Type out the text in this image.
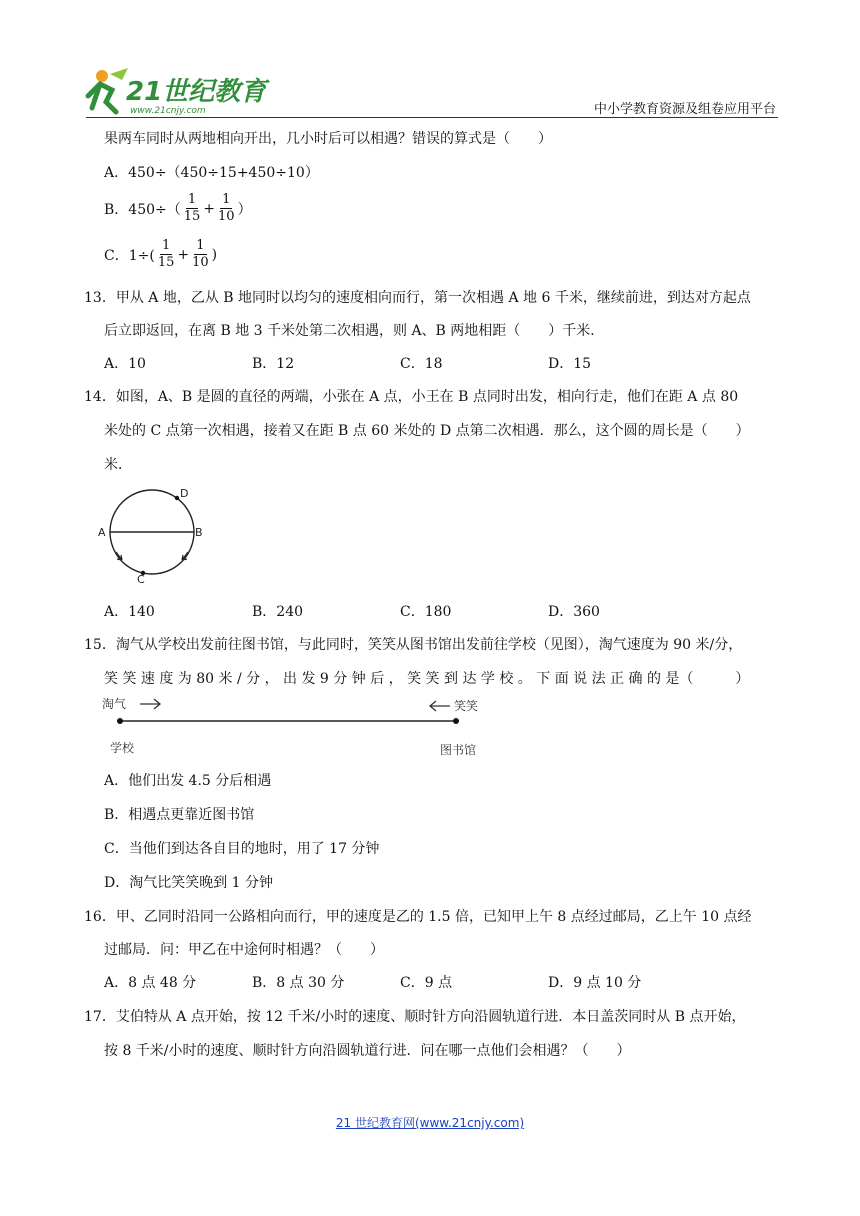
21世纪教育
www.21cnjy.com	中小学教育资源及组卷应用平台
果两车同时从两地相向开出，几小时后可以相遇？错误的算式是（　　）
A．450÷（450÷15+450÷10）
B．$450\div( \frac{1}{15} + \frac{1}{10}$ ）
C．$1\div( \frac{1}{15} + \frac{1}{10}$ )
13．甲从 A 地，乙从 B 地同时以均匀的速度相向而行，第一次相遇 A 地 6 千米，继续前进，到达对方起点
后立即返回，在离 B 地 3 千米处第二次相遇，则 A、B 两地相距（　　）千米．
A．10	B．12	C．18	D．15
14．如图，A、B 是圆的直径的两端，小张在 A 点，小王在 B 点同时出发，相向行走，他们在距 A 点 80
米处的 C 点第一次相遇，接着又在距 B 点 60 米处的 D 点第二次相遇．那么，这个圆的周长是（　　）
米．
A	B
D
C
A．140	B．240	C．180	D．360
15．淘气从学校出发前往图书馆，与此同时，笑笑从图书馆出发前往学校（见图），淘气速度为 90 米/分，
笑 笑 速 度 为 80 米 / 分 ， 出 发 9 分 钟 后 ， 笑 笑 到 达 学 校 。 下 面 说 法 正 确 的 是（　　　）
淘气	笑笑
学校	图书馆
A．他们出发 4.5 分后相遇
B．相遇点更靠近图书馆
C．当他们到达各自目的地时，用了 17 分钟
D．淘气比笑笑晚到 1 分钟
16．甲、乙同时沿同一公路相向而行，甲的速度是乙的 1.5 倍，已知甲上午 8 点经过邮局，乙上午 10 点经
过邮局．问：甲乙在中途何时相遇？（　　）
A．8 点 48 分	B．8 点 30 分	C．9 点	D．9 点 10 分
17．艾伯特从 A 点开始，按 12 千米/小时的速度、顺时针方向沿圆轨道行进．本日盖茨同时从 B 点开始，
按 8 千米/小时的速度、顺时针方向沿圆轨道行进．问在哪一点他们会相遇？（　　）
21 世纪教育网(www.21cnjy.com)
